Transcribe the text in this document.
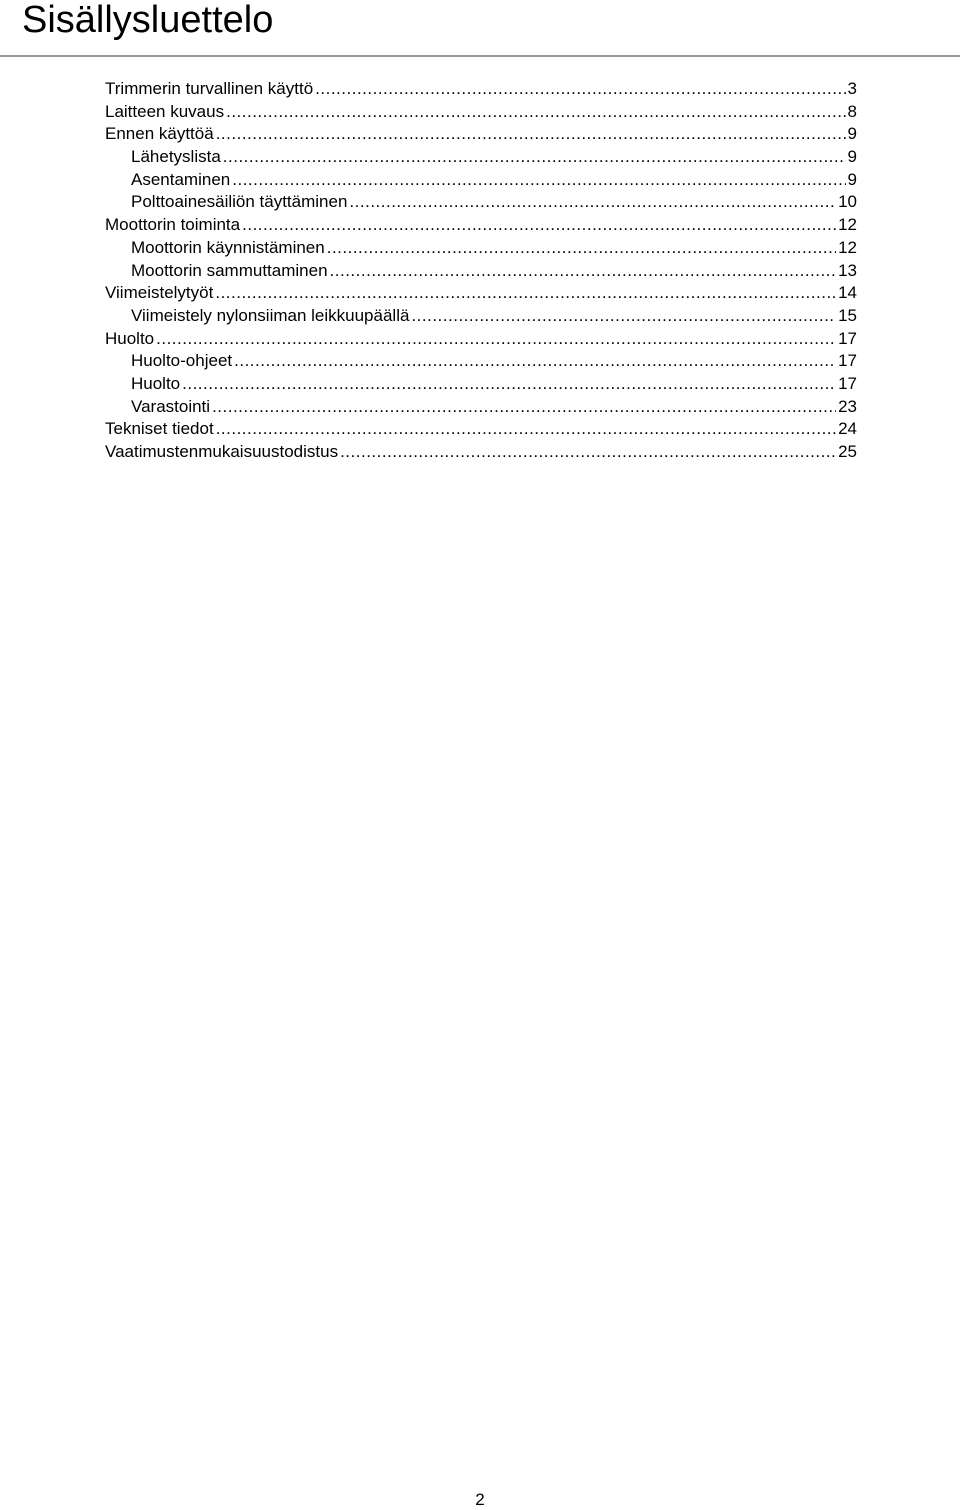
Sisällysluettelo
Trimmerin turvallinen käyttö .....	3
Laitteen kuvaus .....	8
Ennen käyttöä .....	9
Lähetyslista .....	9
Asentaminen .....	9
Polttoainesäiliön täyttäminen .....	10
Moottorin toiminta .....	12
Moottorin käynnistäminen .....	12
Moottorin sammuttaminen .....	13
Viimeistelytyöt .....	14
Viimeistely nylonsiiman leikkuupäällä .....	15
Huolto .....	17
Huolto-ohjeet .....	17
Huolto .....	17
Varastointi .....	23
Tekniset tiedot .....	24
Vaatimustenmukaisuustodistus .....	25
2
